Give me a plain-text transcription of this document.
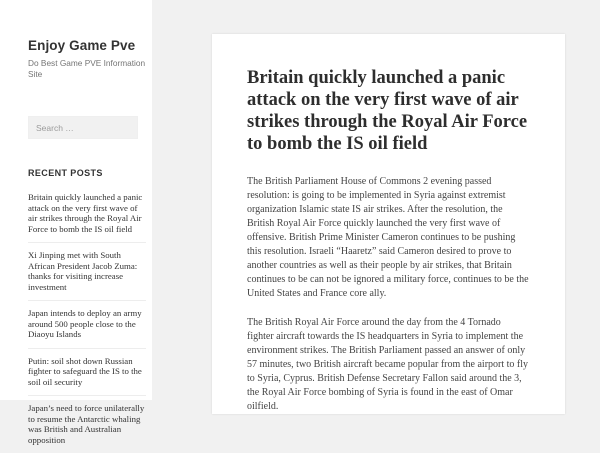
Enjoy Game Pve

Do Best Game PVE Information Site

Search …
RECENT POSTS
Britain quickly launched a panic attack on the very first wave of air strikes through the Royal Air Force to bomb the IS oil field
Xi Jinping met with South African President Jacob Zuma: thanks for visiting increase investment
Japan intends to deploy an army around 500 people close to the Diaoyu Islands
Putin: soil shot down Russian fighter to safeguard the IS to the soil oil security
Japan’s need to force unilaterally to resume the Antarctic whaling was British and Australian opposition
Britain quickly launched a panic attack on the very first wave of air strikes through the Royal Air Force to bomb the IS oil field

The British Parliament House of Commons 2 evening passed resolution: is going to be implemented in Syria against extremist organization Islamic state IS air strikes. After the resolution, the British Royal Air Force quickly launched the very first wave of offensive. British Prime Minister Cameron continues to be pushing this resolution. Israeli “Haaretz” said Cameron desired to prove to another countries as well as their people by air strikes, that Britain continues to be can not be ignored a military force, continues to be the United States and France core ally.

The British Royal Air Force around the day from the 4 Tornado fighter aircraft towards the IS headquarters in Syria to implement the environment strikes. The British Parliament passed an answer of only 57 minutes, two British aircraft became popular from the airport to fly to Syria, Cyprus. British Defense Secretary Fallon said around the 3, the Royal Air Force bombing of Syria is found in the east of Omar oilfield.
